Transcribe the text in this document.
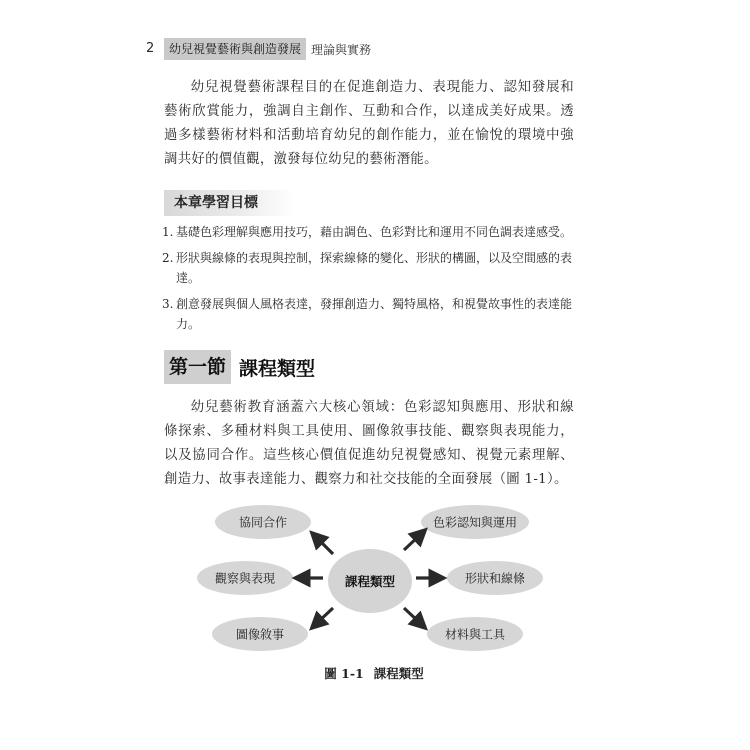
2	幼兒視覺藝術與創造發展 理論與實務

幼兒視覺藝術課程目的在促進創造力、表現能力、認知發展和藝術欣賞能力，強調自主創作、互動和合作，以達成美好成果。透過多樣藝術材料和活動培育幼兒的創作能力，並在愉悅的環境中強調共好的價值觀，激發每位幼兒的藝術潛能。

本章學習目標
1. 基礎色彩理解與應用技巧，藉由調色、色彩對比和運用不同色調表達感受。
2. 形狀與線條的表現與控制，探索線條的變化、形狀的構圖，以及空間感的表達。
3. 創意發展與個人風格表達，發揮創造力、獨特風格，和視覺故事性的表達能力。
第一節 課程類型

幼兒藝術教育涵蓋六大核心領域：色彩認知與應用、形狀和線條探索、多種材料與工具使用、圖像敘事技能、觀察與表現能力，以及協同合作。這些核心價值促進幼兒視覺感知、視覺元素理解、創造力、故事表達能力、觀察力和社交技能的全面發展（圖 1-1）。

協同合作
觀察與表現
圖像敘事
色彩認知與運用
形狀和線條
材料與工具
課程類型
圖 1-1 課程類型
